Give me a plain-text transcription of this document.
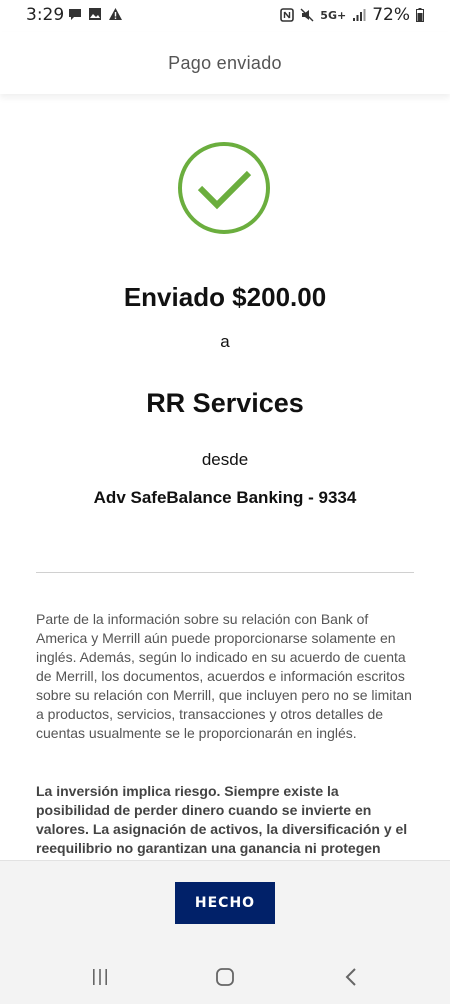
3:29	5G+ 72%
Pago enviado
Enviado $200.00
a
RR Services
desde
Adv SafeBalance Banking - 9334

Parte de la información sobre su relación con Bank of America y Merrill aún puede proporcionarse solamente en inglés. Además, según lo indicado en su acuerdo de cuenta de Merrill, los documentos, acuerdos e información escritos sobre su relación con Merrill, que incluyen pero no se limitan a productos, servicios, transacciones y otros detalles de cuentas usualmente se le proporcionarán en inglés.

La inversión implica riesgo. Siempre existe la posibilidad de perder dinero cuando se invierte en valores. La asignación de activos, la diversificación y el reequilibrio no garantizan una ganancia ni protegen

HECHO
